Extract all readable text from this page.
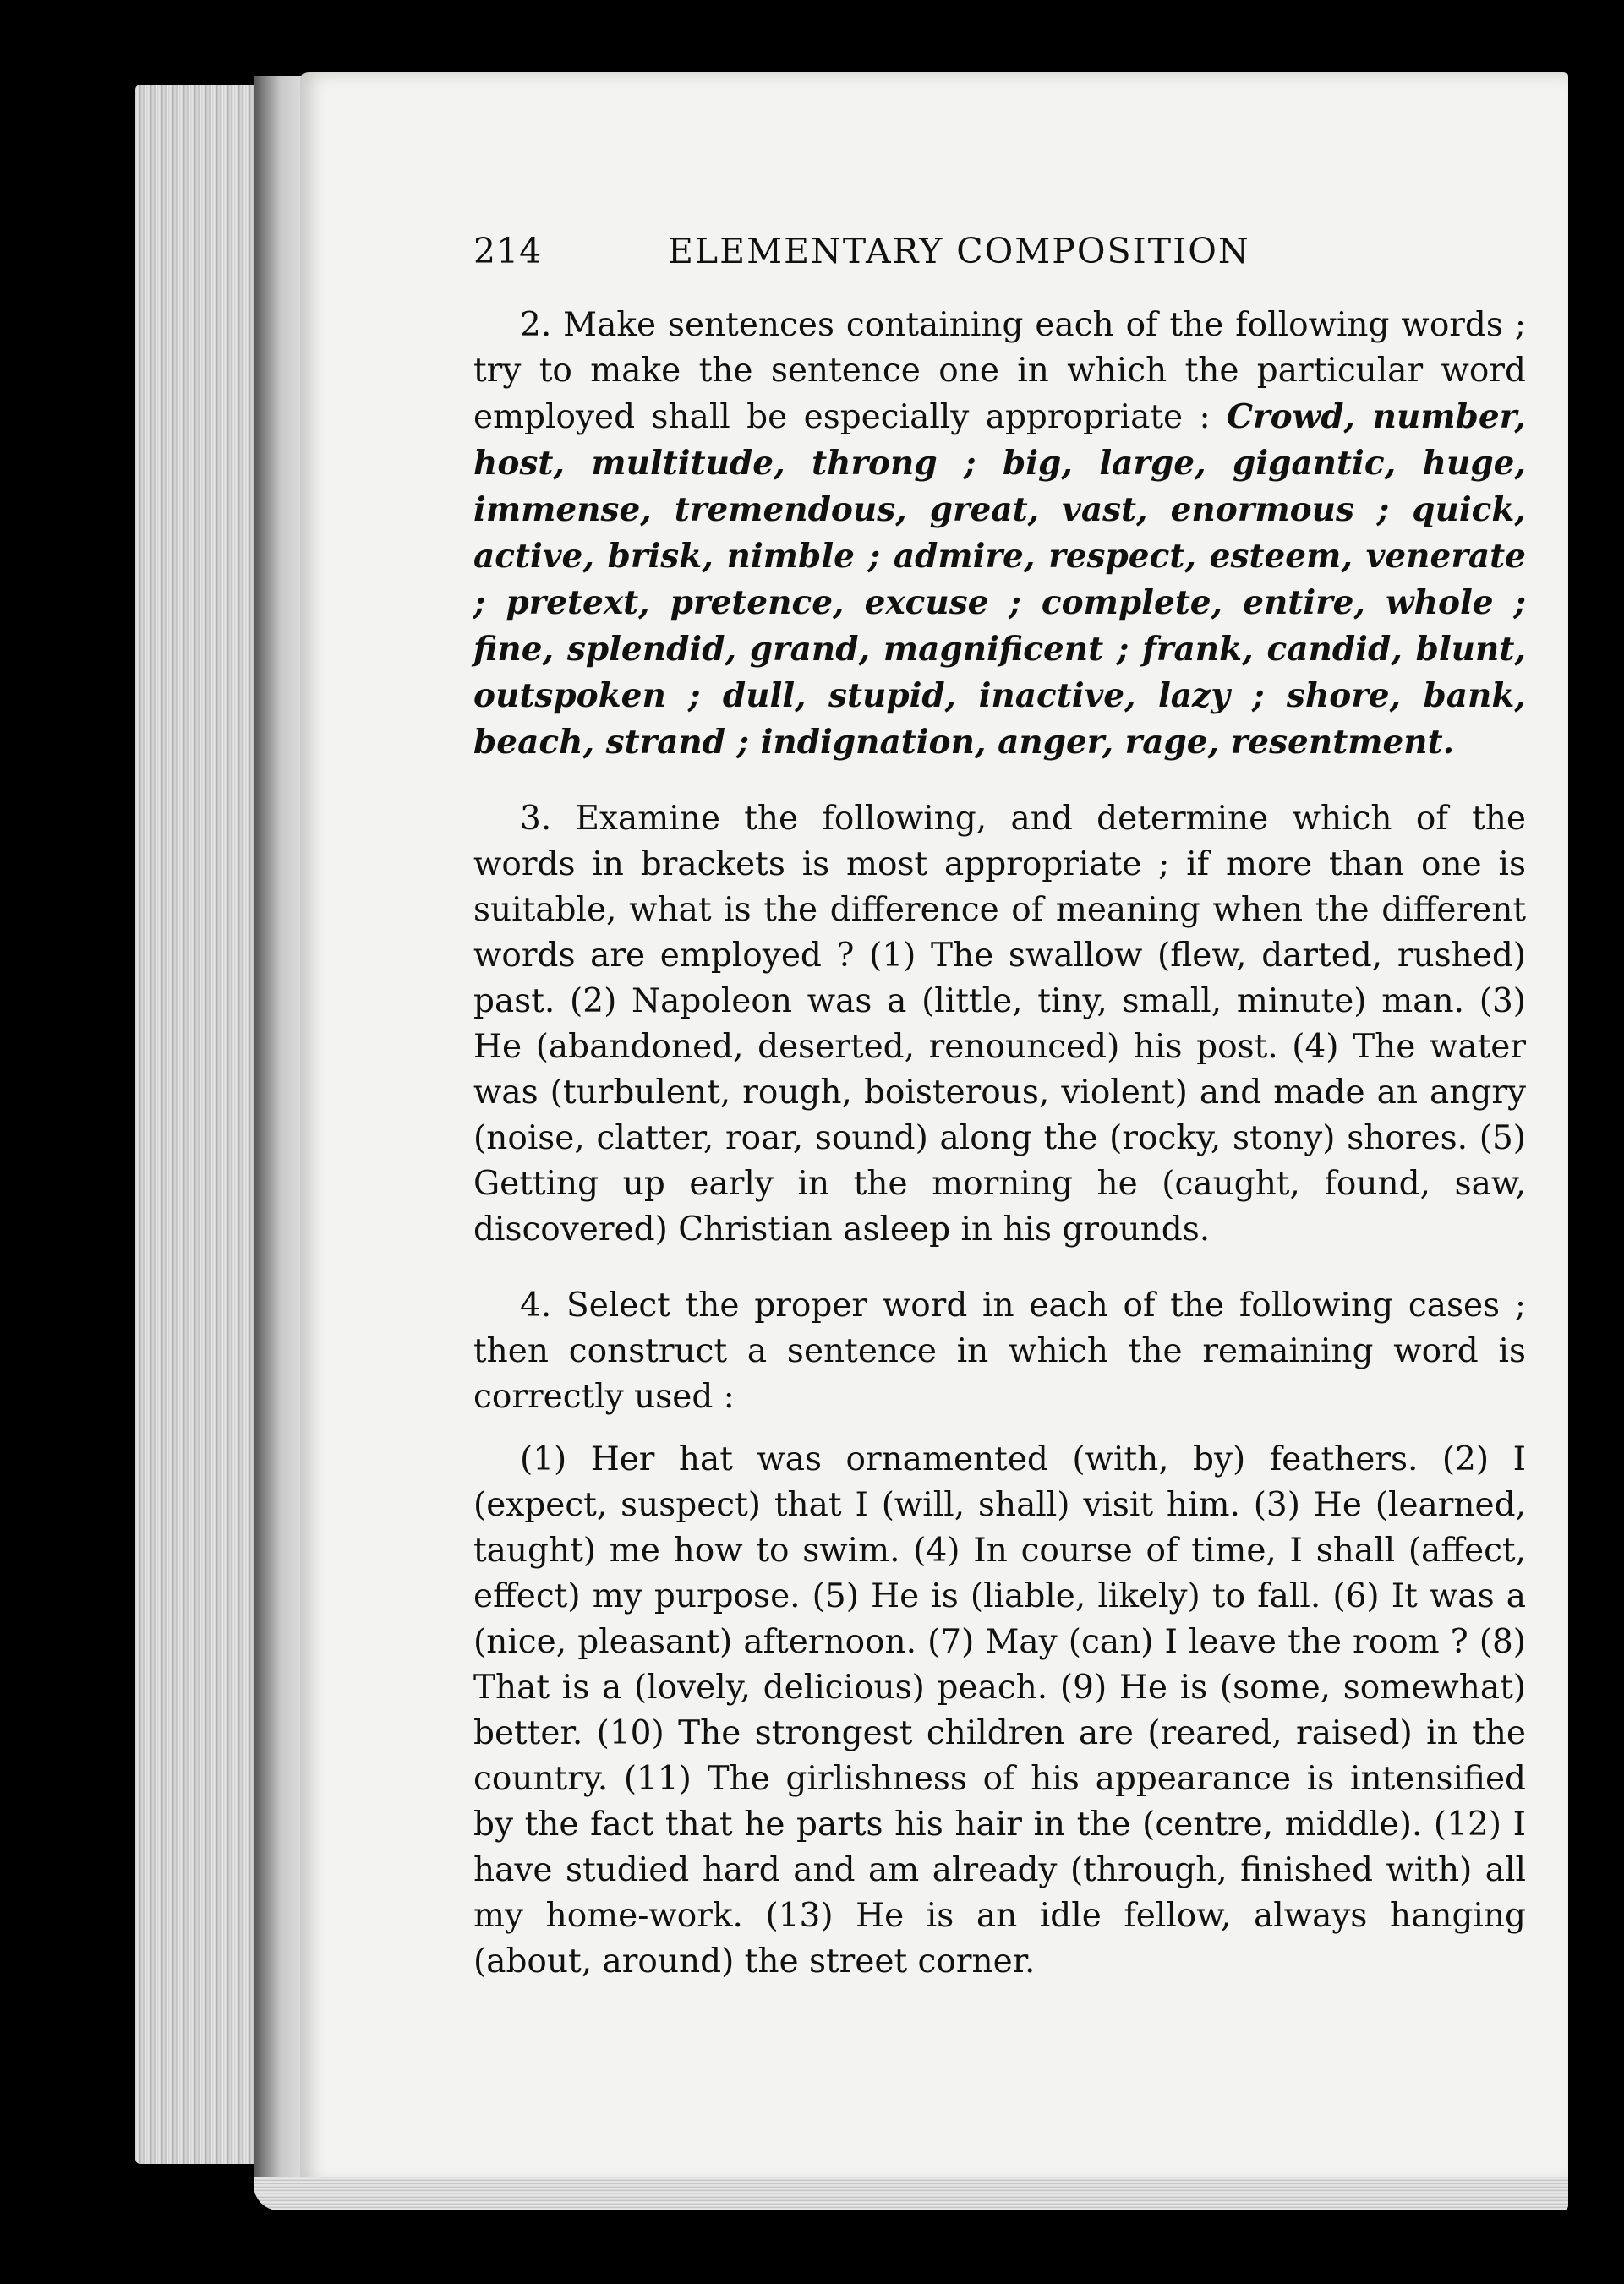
214	ELEMENTARY COMPOSITION

2. Make sentences containing each of the following words ; try to make the sentence one in which the particular word employed shall be especially appropriate : Crowd, number, host, multitude, throng ; big, large, gigantic, huge, immense, tremendous, great, vast, enormous ; quick, active, brisk, nimble ; admire, respect, esteem, venerate ; pretext, pretence, excuse ; complete, entire, whole ; fine, splendid, grand, magnificent ; frank, candid, blunt, outspoken ; dull, stupid, inactive, lazy ; shore, bank, beach, strand ; indignation, anger, rage, resentment.

3. Examine the following, and determine which of the words in brackets is most appropriate ; if more than one is suitable, what is the difference of meaning when the different words are employed ? (1) The swallow (flew, darted, rushed) past. (2) Napoleon was a (little, tiny, small, minute) man. (3) He (abandoned, deserted, renounced) his post. (4) The water was (turbulent, rough, boisterous, violent) and made an angry (noise, clatter, roar, sound) along the (rocky, stony) shores. (5) Getting up early in the morning he (caught, found, saw, discovered) Christian asleep in his grounds.

4. Select the proper word in each of the following cases ; then construct a sentence in which the remaining word is correctly used :

(1) Her hat was ornamented (with, by) feathers. (2) I (expect, suspect) that I (will, shall) visit him. (3) He (learned, taught) me how to swim. (4) In course of time, I shall (affect, effect) my purpose. (5) He is (liable, likely) to fall. (6) It was a (nice, pleasant) afternoon. (7) May (can) I leave the room ? (8) That is a (lovely, delicious) peach. (9) He is (some, somewhat) better. (10) The strongest children are (reared, raised) in the country. (11) The girlishness of his appearance is intensified by the fact that he parts his hair in the (centre, middle). (12) I have studied hard and am already (through, finished with) all my home-work. (13) He is an idle fellow, always hanging (about, around) the street corner.
